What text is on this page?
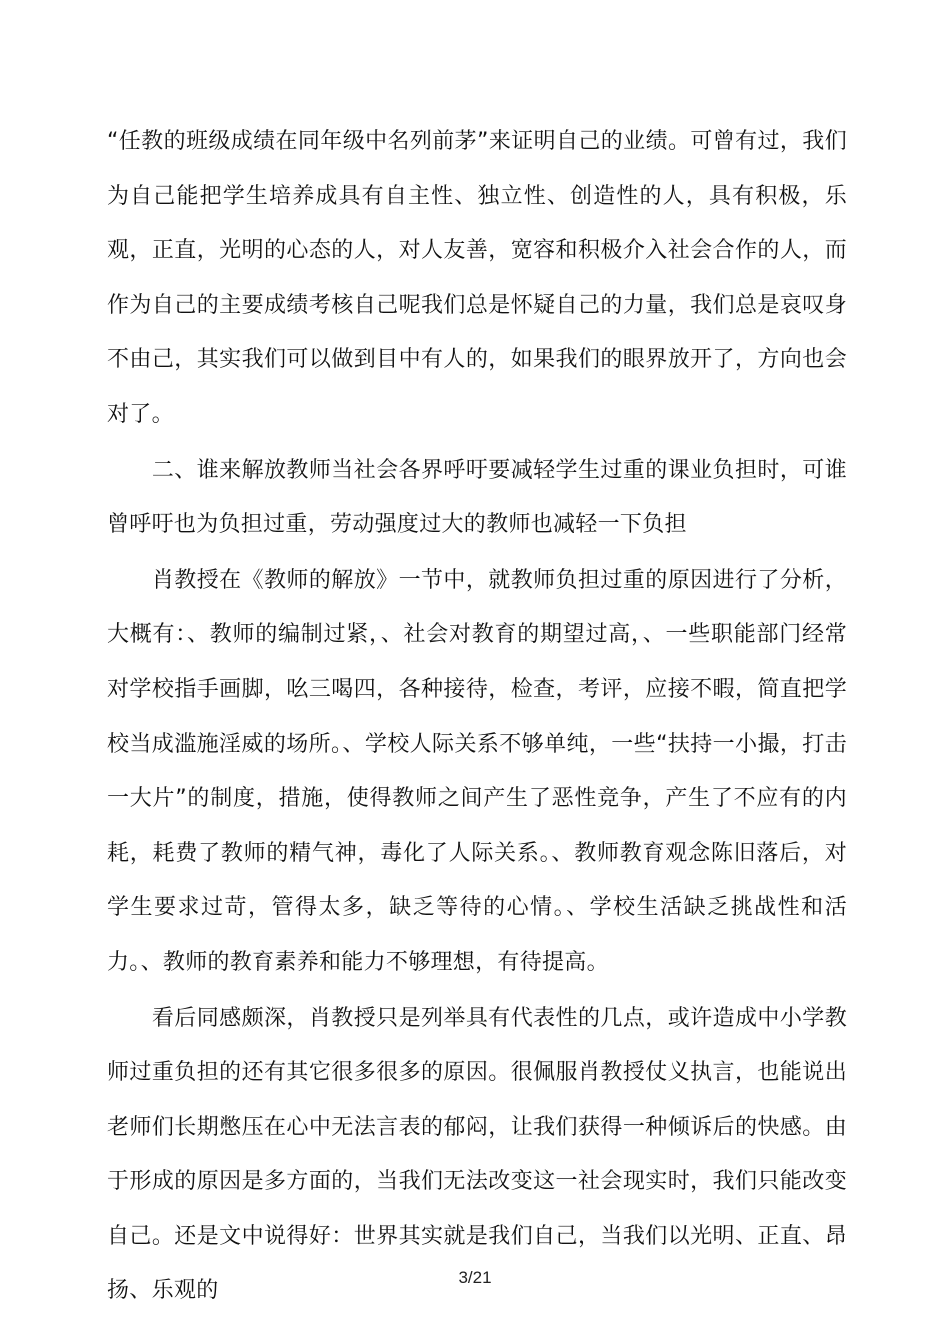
“任教的班级成绩在同年级中名列前茅”来证明自己的业绩。可曾有过，我们为自己能把学生培养成具有自主性、独立性、创造性的人，具有积极，乐观，正直，光明的心态的人，对人友善，宽容和积极介入社会合作的人，而作为自己的主要成绩考核自己呢我们总是怀疑自己的力量，我们总是哀叹身不由己，其实我们可以做到目中有人的，如果我们的眼界放开了，方向也会对了。

　　二、谁来解放教师当社会各界呼吁要减轻学生过重的课业负担时，可谁曾呼吁也为负担过重，劳动强度过大的教师也减轻一下负担

　　肖教授在《教师的解放》一节中，就教师负担过重的原因进行了分析，大概有：、教师的编制过紧，、社会对教育的期望过高，、一些职能部门经常对学校指手画脚，吆三喝四，各种接待，检查，考评，应接不暇，简直把学校当成滥施淫威的场所。、学校人际关系不够单纯，一些“扶持一小撮，打击一大片”的制度，措施，使得教师之间产生了恶性竞争，产生了不应有的内耗，耗费了教师的精气神，毒化了人际关系。、教师教育观念陈旧落后，对学生要求过苛，管得太多，缺乏等待的心情。、学校生活缺乏挑战性和活力。、教师的教育素养和能力不够理想，有待提高。

　　看后同感颇深，肖教授只是列举具有代表性的几点，或许造成中小学教师过重负担的还有其它很多很多的原因。很佩服肖教授仗义执言，也能说出老师们长期憋压在心中无法言表的郁闷，让我们获得一种倾诉后的快感。由于形成的原因是多方面的，当我们无法改变这一社会现实时，我们只能改变自己。还是文中说得好：世界其实就是我们自己，当我们以光明、正直、昂扬、乐观的

3/21
